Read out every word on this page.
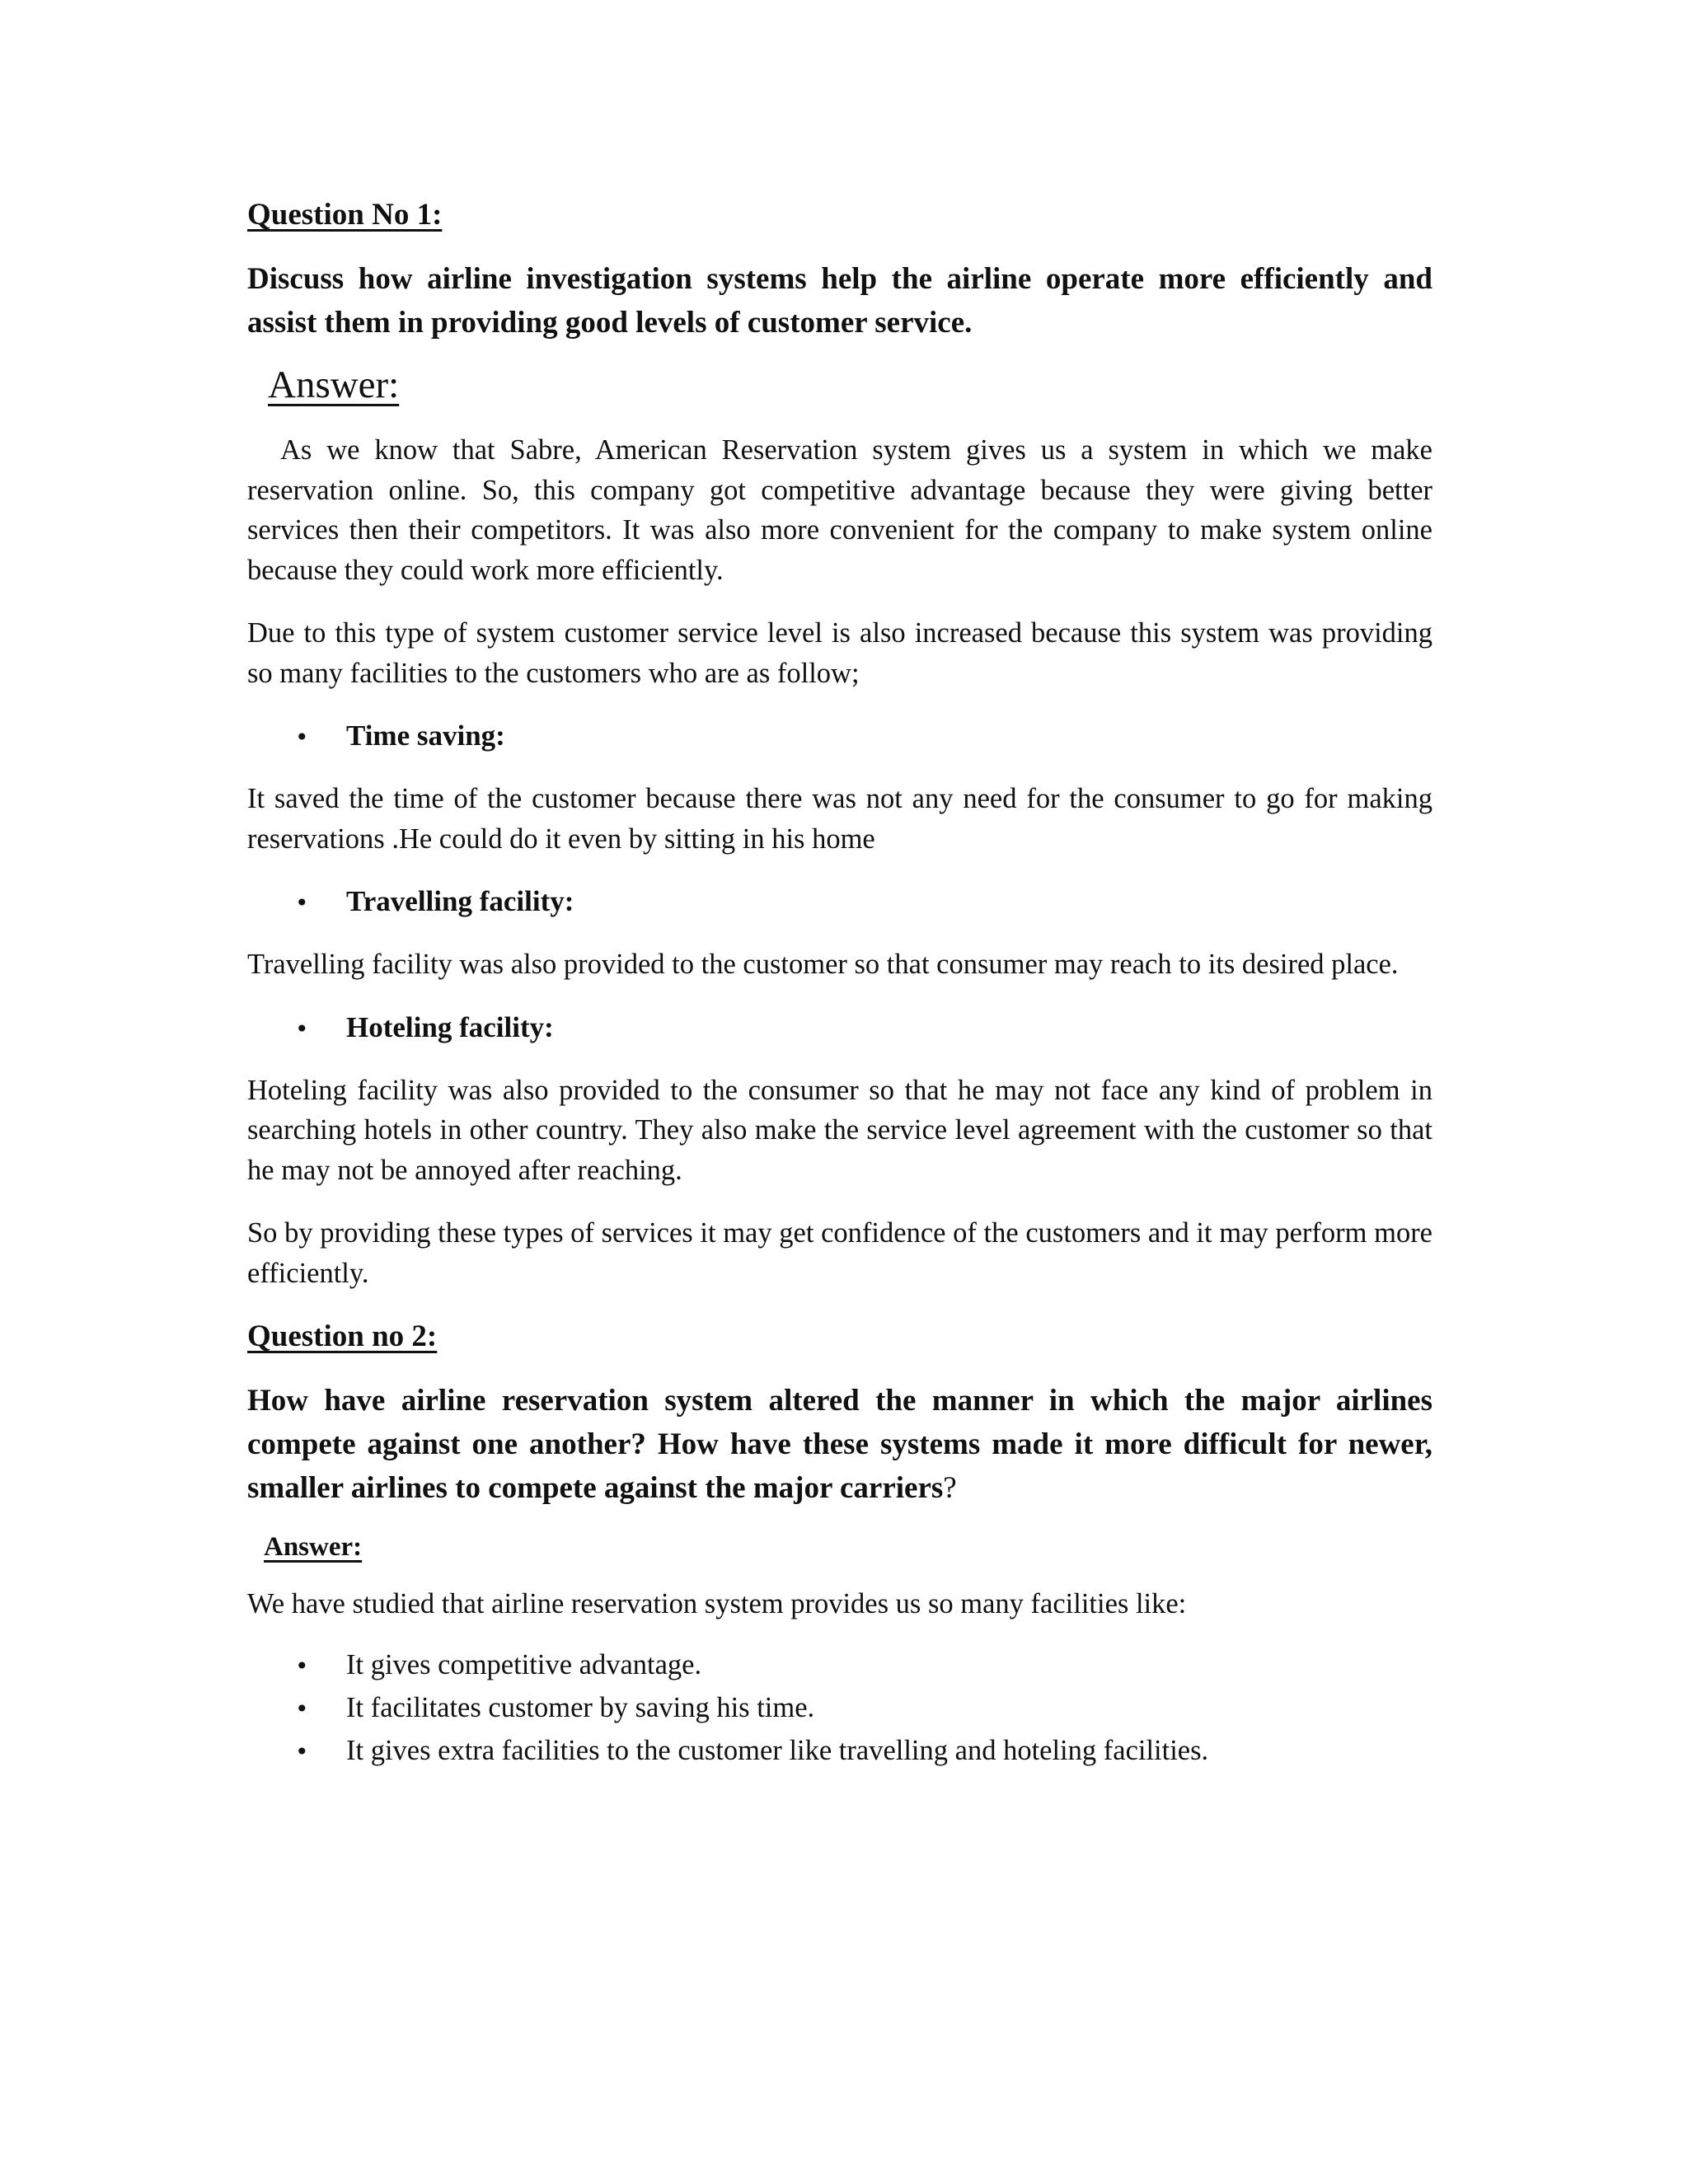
Question No 1:

Discuss how airline investigation systems help the airline operate more efficiently and assist them in providing good levels of customer service.

Answer:

As we know that Sabre, American Reservation system gives us a system in which we make reservation online. So, this company got competitive advantage because they were giving better services then their competitors. It was also more convenient for the company to make system online because they could work more efficiently.

Due to this type of system customer service level is also increased because this system was providing so many facilities to the customers who are as follow;

•	Time saving:

It saved the time of the customer because there was not any need for the consumer to go for making reservations .He could do it even by sitting in his home

•	Travelling facility:

Travelling facility was also provided to the customer so that consumer may reach to its desired place.

•	Hoteling facility:

Hoteling facility was also provided to the consumer so that he may not face any kind of problem in searching hotels in other country. They also make the service level agreement with the customer so that he may not be annoyed after reaching.

So by providing these types of services it may get confidence of the customers and it may perform more efficiently.

Question no 2:

How have airline reservation system altered the manner in which the major airlines compete against one another? How have these systems made it more difficult for newer, smaller airlines to compete against the major carriers?

Answer:

We have studied that airline reservation system provides us so many facilities like:

•	It gives competitive advantage.
•	It facilitates customer by saving his time.
•	It gives extra facilities to the customer like travelling and hoteling facilities.
